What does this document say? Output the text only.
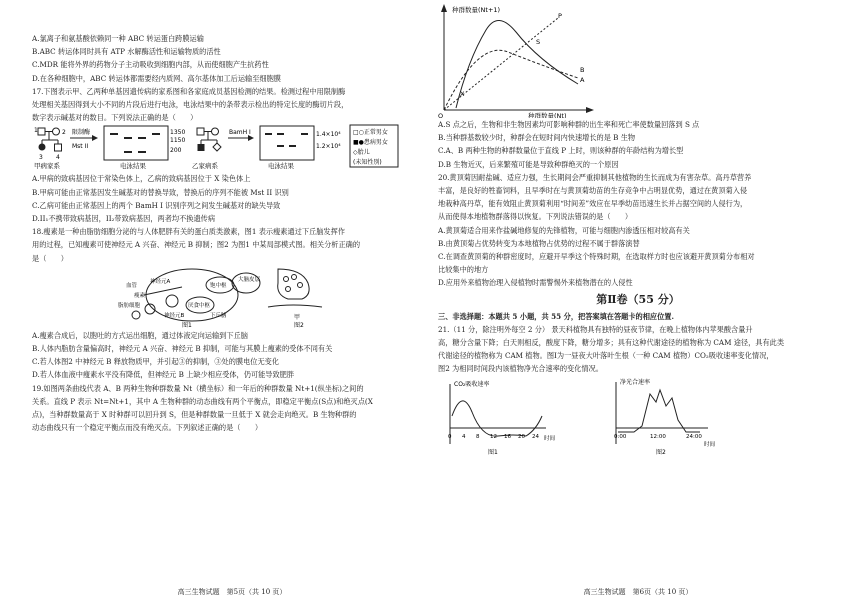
A.氯离子和氨基酸依赖同一种 ABC 转运蛋白跨膜运输
B.ABC 转运体同时具有 ATP 水解酶活性和运输物质的活性
C.MDR 能将外界的药物分子主动吸收到细胞内部，从而使细胞产生抗药性
D.在各种细胞中，ABC 转运体都需要经内质网、高尔基体加工后运输至细胞膜
17.下图表示甲、乙两种单基因遗传病的家系图和各家庭成员基因检测的结果。检测过程中用限制酶
处理相关基因得到大小不同的片段后进行电泳，电泳结果中的条带表示检出的特定长度的酶切片段，
数字表示碱基对的数目。下列说法正确的是（　　）
1	2
3 4
甲病家系
限制酶
Mst II
1350
1150
200
电泳结果	乙家病系
BamH I	1.4×10⁴
1.2×10⁴
电泳结果
□○正常男女
■●患病男女
◇胎儿
(未知性别)
A.甲病的致病基因位于常染色体上，乙病的致病基因位于 X 染色体上
B.甲病可能由正常基因发生碱基对的替换导致，替换后的序列不能被 Mst II 识别
C.乙病可能由正常基因上的两个 BamH I 识别序列之间发生碱基对的缺失导致
D.II₁不携带致病基因，II₂带致病基因，两者均不换遗传病
18.瘦素是一种由脂肪细胞分泌的与人体肥胖有关的蛋白质类激素，图1 表示瘦素通过下丘脑发挥作
用的过程，已知瘦素可使神经元 A 兴奋、神经元 B 抑制；图2 为图1 中某局部模式图。相关分析正确的
是（　　）
饱中枢
大脑皮层
厌食中枢
神经元A
神经元B	下丘脑
脂肪细胞
血管
瘦素
图1
甲
图2
A.瘦素合成后，以胞吐的方式运出细胞，通过体液定向运输到下丘脑
B.人体内脂肪含量偏高时，神经元 A 兴奋、神经元 B 抑制，可能与其膜上瘦素的受体不同有关
C.若人体图2 中神经元 B 释放物质甲，并引起③的抑制，③处的膜电位无变化
D.若人体血液中瘦素水平没有降低，但神经元 B 上缺少相应受体，仍可能导致肥胖
19.如图两条曲线代表 A、B 两种生物种群数量 Nt（横坐标）和一年后的种群数量 Nt+1(纵坐标)之间的
关系。直线 P 表示 Nt=Nt+1，其中 A 生物种群的动态曲线有两个平衡点，即稳定平衡点(S点)和绝灭点(X
点)，当种群数量高于 X 时种群可以回升到 S，但是种群数量一旦低于 X 就会走向绝灭。B 生物种群的
动态曲线只有一个稳定平衡点而没有绝灭点。下列叙述正确的是（　　）
高三生物试题　第5页（共 10 页）
种群数量(Nt+1)
种群数量(Nt)
O
P
S
A
B
X
A.S 点之后，生物和非生物因素均可影响种群的出生率和死亡率使数量回落到 S 点
B.当种群基数较少时，种群会在短时间内快速增长的是 B 生物
C.A、B 两种生物的种群数量位于直线 P 上时，则该种群的年龄结构为增长型
D.B 生物近灭，后来繁殖可能是导致种群绝灭的一个原因
20.黄顶菊因耐盐碱、适应力强，生长期间会严重抑制其他植物的生长而成为有害杂草。高丹草营养
丰富，是良好的牲畜饲料，且早季时在与黄顶菊幼苗的生存竞争中占明显优势，通过在黄顶菊入侵
地栽种高丹草，能有效阻止黄顶菊利用“时间差”效应在早季幼苗迅速生长并占据空间的人侵行为，
从而使得本地植物群落得以恢复。下列说法错误的是（　　）
A.黄顶菊适合用来作盐碱地修复的先锋植物，可能与细胞内渗透压相对较高有关
B.由黄顶菊占优势转变为本地植物占优势的过程不属于群落演替
C.在调查黄顶菊的种群密度时，应避开早季这个特殊时期，在选取样方时也应该避开黄顶菊分布相对
比较集中的地方
D.应用外来植物治理入侵植物时需警惕外来植物潜在的人侵性
第Ⅱ卷（55 分）
三、非选择题：本题共 5 小题，共 55 分，把答案填在答题卡的相应位置.
21.（11 分，除注明外每空 2 分） 景天科植物具有独特的昼夜节律，在晚上植物体内苹果酸含量升
高，糖分含量下降；白天则相反，酸度下降，糖分增多；具有这种代谢途径的植物称为 CAM 途径，具有此类
代谢途径的植物称为 CAM 植物。图Ⅰ为一昼夜大叶落叶生根（一种 CAM 植物）CO₂吸收速率变化情况，
图2 为相同时间段内该植物净光合速率的变化情况。
CO₂吸收速率
0 4 8 12 16 20 24 时间
图1
净光合速率
0:00	12:00	24:00
时间
图2
高三生物试题　第6页（共 10 页）
